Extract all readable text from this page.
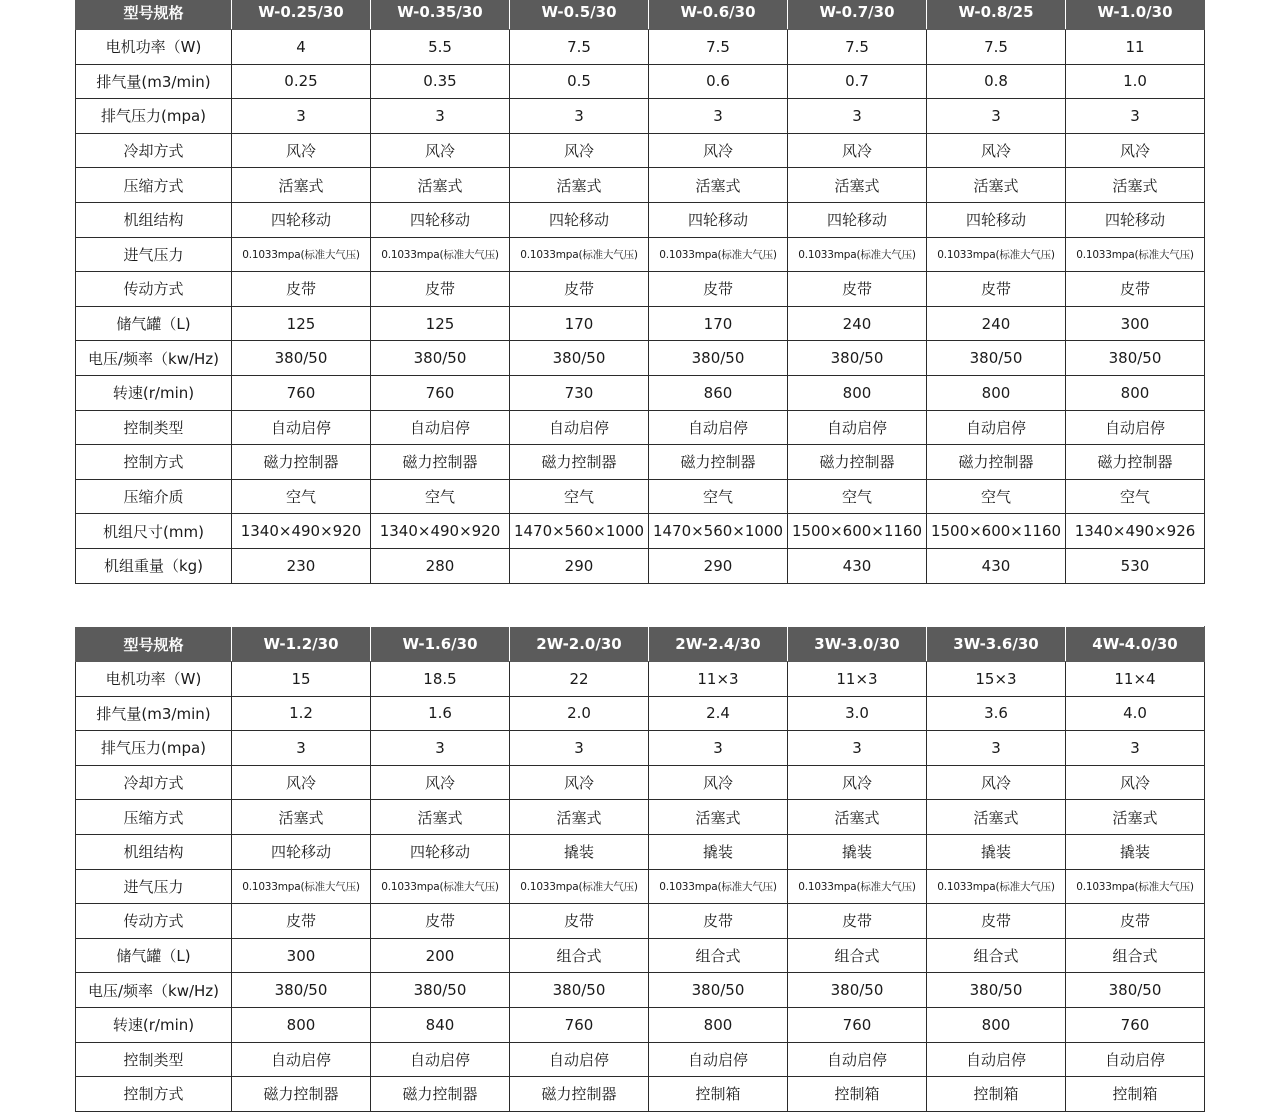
型号规格	W-0.25/30	W-0.35/30	W-0.5/30	W-0.6/30	W-0.7/30	W-0.8/25	W-1.0/30
电机功率（W)	4	5.5	7.5	7.5	7.5	7.5	11
排气量(m3/min)	0.25	0.35	0.5	0.6	0.7	0.8	1.0
排气压力(mpa)	3	3	3	3	3	3	3
冷却方式	风冷	风冷	风冷	风冷	风冷	风冷	风冷
压缩方式	活塞式	活塞式	活塞式	活塞式	活塞式	活塞式	活塞式
机组结构	四轮移动	四轮移动	四轮移动	四轮移动	四轮移动	四轮移动	四轮移动
进气压力	0.1033mpa(标准大气压)	0.1033mpa(标准大气压)	0.1033mpa(标准大气压)	0.1033mpa(标准大气压)	0.1033mpa(标准大气压)	0.1033mpa(标准大气压)	0.1033mpa(标准大气压)
传动方式	皮带	皮带	皮带	皮带	皮带	皮带	皮带
储气罐（L)	125	125	170	170	240	240	300
电压/频率（kw/Hz)	380/50	380/50	380/50	380/50	380/50	380/50	380/50
转速(r/min)	760	760	730	860	800	800	800
控制类型	自动启停	自动启停	自动启停	自动启停	自动启停	自动启停	自动启停
控制方式	磁力控制器	磁力控制器	磁力控制器	磁力控制器	磁力控制器	磁力控制器	磁力控制器
压缩介质	空气	空气	空气	空气	空气	空气	空气
机组尺寸(mm)	1340×490×920	1340×490×920	1470×560×1000	1470×560×1000	1500×600×1160	1500×600×1160	1340×490×926
机组重量（kg)	230	280	290	290	430	430	530
型号规格	W-1.2/30	W-1.6/30	2W-2.0/30	2W-2.4/30	3W-3.0/30	3W-3.6/30	4W-4.0/30
电机功率（W)	15	18.5	22	11×3	11×3	15×3	11×4
排气量(m3/min)	1.2	1.6	2.0	2.4	3.0	3.6	4.0
排气压力(mpa)	3	3	3	3	3	3	3
冷却方式	风冷	风冷	风冷	风冷	风冷	风冷	风冷
压缩方式	活塞式	活塞式	活塞式	活塞式	活塞式	活塞式	活塞式
机组结构	四轮移动	四轮移动	撬装	撬装	撬装	撬装	撬装
进气压力	0.1033mpa(标准大气压)	0.1033mpa(标准大气压)	0.1033mpa(标准大气压)	0.1033mpa(标准大气压)	0.1033mpa(标准大气压)	0.1033mpa(标准大气压)	0.1033mpa(标准大气压)
传动方式	皮带	皮带	皮带	皮带	皮带	皮带	皮带
储气罐（L)	300	200	组合式	组合式	组合式	组合式	组合式
电压/频率（kw/Hz)	380/50	380/50	380/50	380/50	380/50	380/50	380/50
转速(r/min)	800	840	760	800	760	800	760
控制类型	自动启停	自动启停	自动启停	自动启停	自动启停	自动启停	自动启停
控制方式	磁力控制器	磁力控制器	磁力控制器	控制箱	控制箱	控制箱	控制箱
